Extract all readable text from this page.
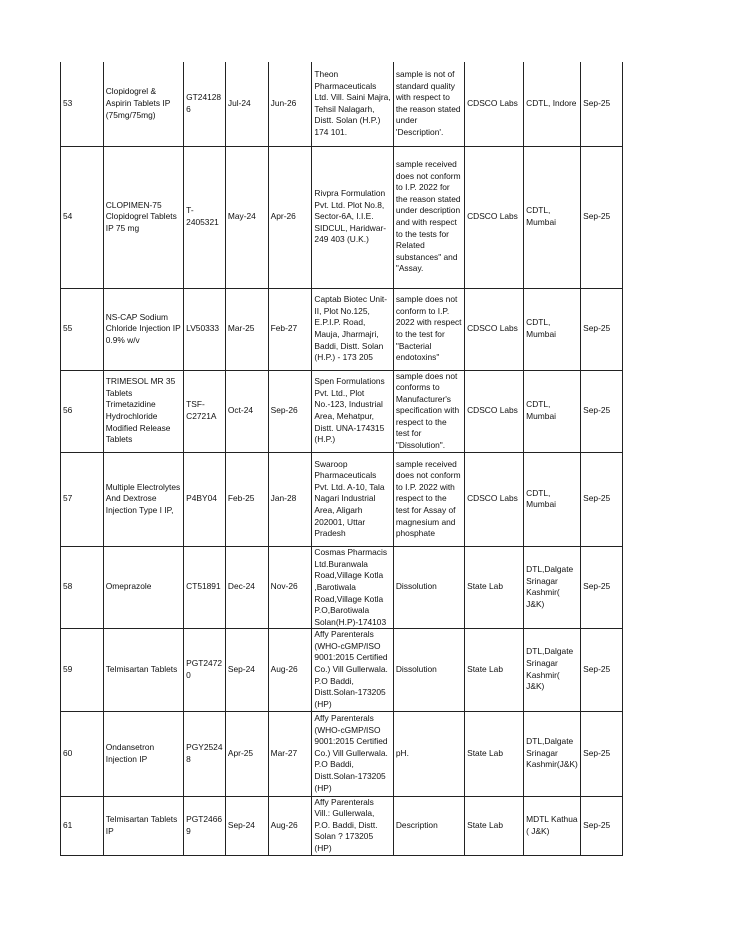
53	Clopidogrel & Aspirin Tablets IP (75mg/75mg)	GT241286	Jul-24	Jun-26	Theon Pharmaceuticals Ltd. Vill. Saini Majra, Tehsil Nalagarh, Distt. Solan (H.P.) 174 101.	sample is not of standard quality with respect to the reason stated under 'Description'.	CDSCO Labs	CDTL, Indore	Sep-25
54	CLOPIMEN-75 Clopidogrel Tablets IP 75 mg	T-2405321	May-24	Apr-26	Rivpra Formulation Pvt. Ltd. Plot No.8, Sector-6A, I.I.E. SIDCUL, Haridwar-249 403 (U.K.)	sample received does not conform to I.P. 2022 for the reason stated under description and with respect to the tests for Related substances" and "Assay.	CDSCO Labs	CDTL, Mumbai	Sep-25
55	NS-CAP Sodium Chloride Injection IP 0.9% w/v	LV50333	Mar-25	Feb-27	Captab Biotec Unit-II, Plot No.125, E.P.I.P. Road, Mauja, Jharmajri, Baddi, Distt. Solan (H.P.) - 173 205	sample does not conform to I.P. 2022 with respect to the test for "Bacterial endotoxins"	CDSCO Labs	CDTL, Mumbai	Sep-25
56	TRIMESOL MR 35 Tablets Trimetazidine Hydrochloride Modified Release Tablets	TSF-C2721A	Oct-24	Sep-26	Spen Formulations Pvt. Ltd., Plot No.-123, Industrial Area, Mehatpur, Distt. UNA-174315 (H.P.)	sample does not conforms to Manufacturer's specification with respect to the test for "Dissolution".	CDSCO Labs	CDTL, Mumbai	Sep-25
57	Multiple Electrolytes And Dextrose Injection Type I IP,	P4BY04	Feb-25	Jan-28	Swaroop Pharmaceuticals Pvt. Ltd. A-10, Tala Nagari Industrial Area, Aligarh 202001, Uttar Pradesh	sample received does not conform to I.P. 2022 with respect to the test for Assay of magnesium and phosphate	CDSCO Labs	CDTL, Mumbai	Sep-25
58	Omeprazole	CT51891	Dec-24	Nov-26	Cosmas Pharmacis Ltd.Buranwala Road,Village Kotla ,Barotiwala Road,Village Kotla P.O,Barotiwala Solan(H.P)-174103	Dissolution	State Lab	DTL,Dalgate Srinagar Kashmir( J&K)	Sep-25
59	Telmisartan Tablets	PGT24720	Sep-24	Aug-26	Affy Parenterals (WHO-cGMP/ISO 9001:2015 Certified Co.) Vill Gullerwala. P.O Baddi, Distt.Solan-173205 (HP)	Dissolution	State Lab	DTL,Dalgate Srinagar Kashmir( J&K)	Sep-25
60	Ondansetron Injection IP	PGY25248	Apr-25	Mar-27	Affy Parenterals (WHO-cGMP/ISO 9001:2015 Certified Co.) Vill Gullerwala. P.O Baddi, Distt.Solan-173205 (HP)	pH.	State Lab	DTL,Dalgate Srinagar Kashmir(J&K)	Sep-25
61	Telmisartan Tablets IP	PGT24669	Sep-24	Aug-26	Affy Parenterals Vill.: Gullerwala, P.O. Baddi, Distt. Solan ? 173205 (HP)	Description	State Lab	MDTL Kathua ( J&K)	Sep-25
